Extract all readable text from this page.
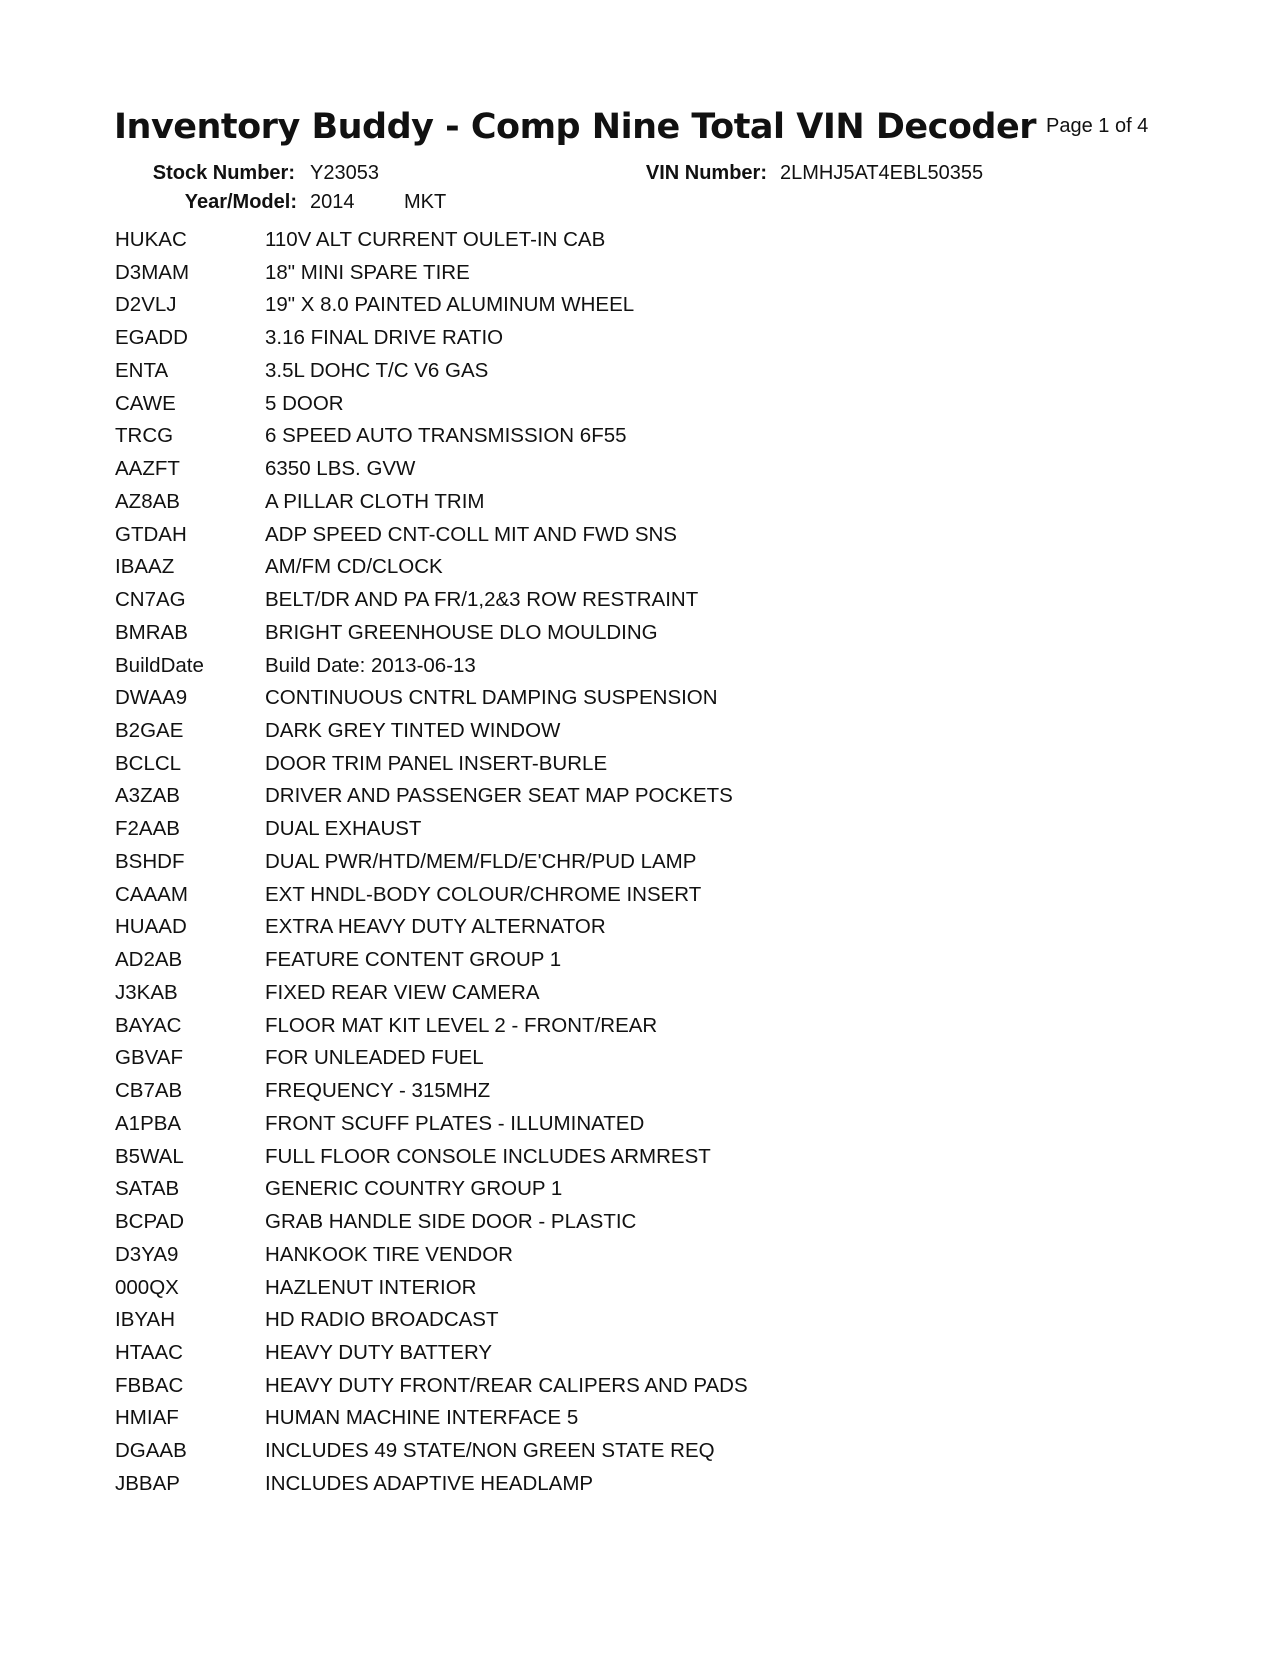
Inventory Buddy - Comp Nine Total VIN Decoder Page 1 of 4
Stock Number: Y23053	VIN Number: 2LMHJ5AT4EBL50355
Year/Model: 2014 MKT
HUKAC	110V ALT CURRENT OULET-IN CAB
D3MAM	18" MINI SPARE TIRE
D2VLJ	19" X 8.0 PAINTED ALUMINUM WHEEL
EGADD	3.16 FINAL DRIVE RATIO
ENTA	3.5L DOHC T/C V6 GAS
CAWE	5 DOOR
TRCG	6 SPEED AUTO TRANSMISSION 6F55
AAZFT	6350 LBS. GVW
AZ8AB	A PILLAR CLOTH TRIM
GTDAH	ADP SPEED CNT-COLL MIT AND FWD SNS
IBAAZ	AM/FM CD/CLOCK
CN7AG	BELT/DR AND PA FR/1,2&3 ROW RESTRAINT
BMRAB	BRIGHT GREENHOUSE DLO MOULDING
BuildDate	Build Date: 2013-06-13
DWAA9	CONTINUOUS CNTRL DAMPING SUSPENSION
B2GAE	DARK GREY TINTED WINDOW
BCLCL	DOOR TRIM PANEL INSERT-BURLE
A3ZAB	DRIVER AND PASSENGER SEAT MAP POCKETS
F2AAB	DUAL EXHAUST
BSHDF	DUAL PWR/HTD/MEM/FLD/E'CHR/PUD LAMP
CAAAM	EXT HNDL-BODY COLOUR/CHROME INSERT
HUAAD	EXTRA HEAVY DUTY ALTERNATOR
AD2AB	FEATURE CONTENT GROUP 1
J3KAB	FIXED REAR VIEW CAMERA
BAYAC	FLOOR MAT KIT LEVEL 2 - FRONT/REAR
GBVAF	FOR UNLEADED FUEL
CB7AB	FREQUENCY - 315MHZ
A1PBA	FRONT SCUFF PLATES - ILLUMINATED
B5WAL	FULL FLOOR CONSOLE INCLUDES ARMREST
SATAB	GENERIC COUNTRY GROUP 1
BCPAD	GRAB HANDLE SIDE DOOR - PLASTIC
D3YA9	HANKOOK TIRE VENDOR
000QX	HAZLENUT INTERIOR
IBYAH	HD RADIO BROADCAST
HTAAC	HEAVY DUTY BATTERY
FBBAC	HEAVY DUTY FRONT/REAR CALIPERS AND PADS
HMIAF	HUMAN MACHINE INTERFACE 5
DGAAB	INCLUDES 49 STATE/NON GREEN STATE REQ
JBBAP	INCLUDES ADAPTIVE HEADLAMP
